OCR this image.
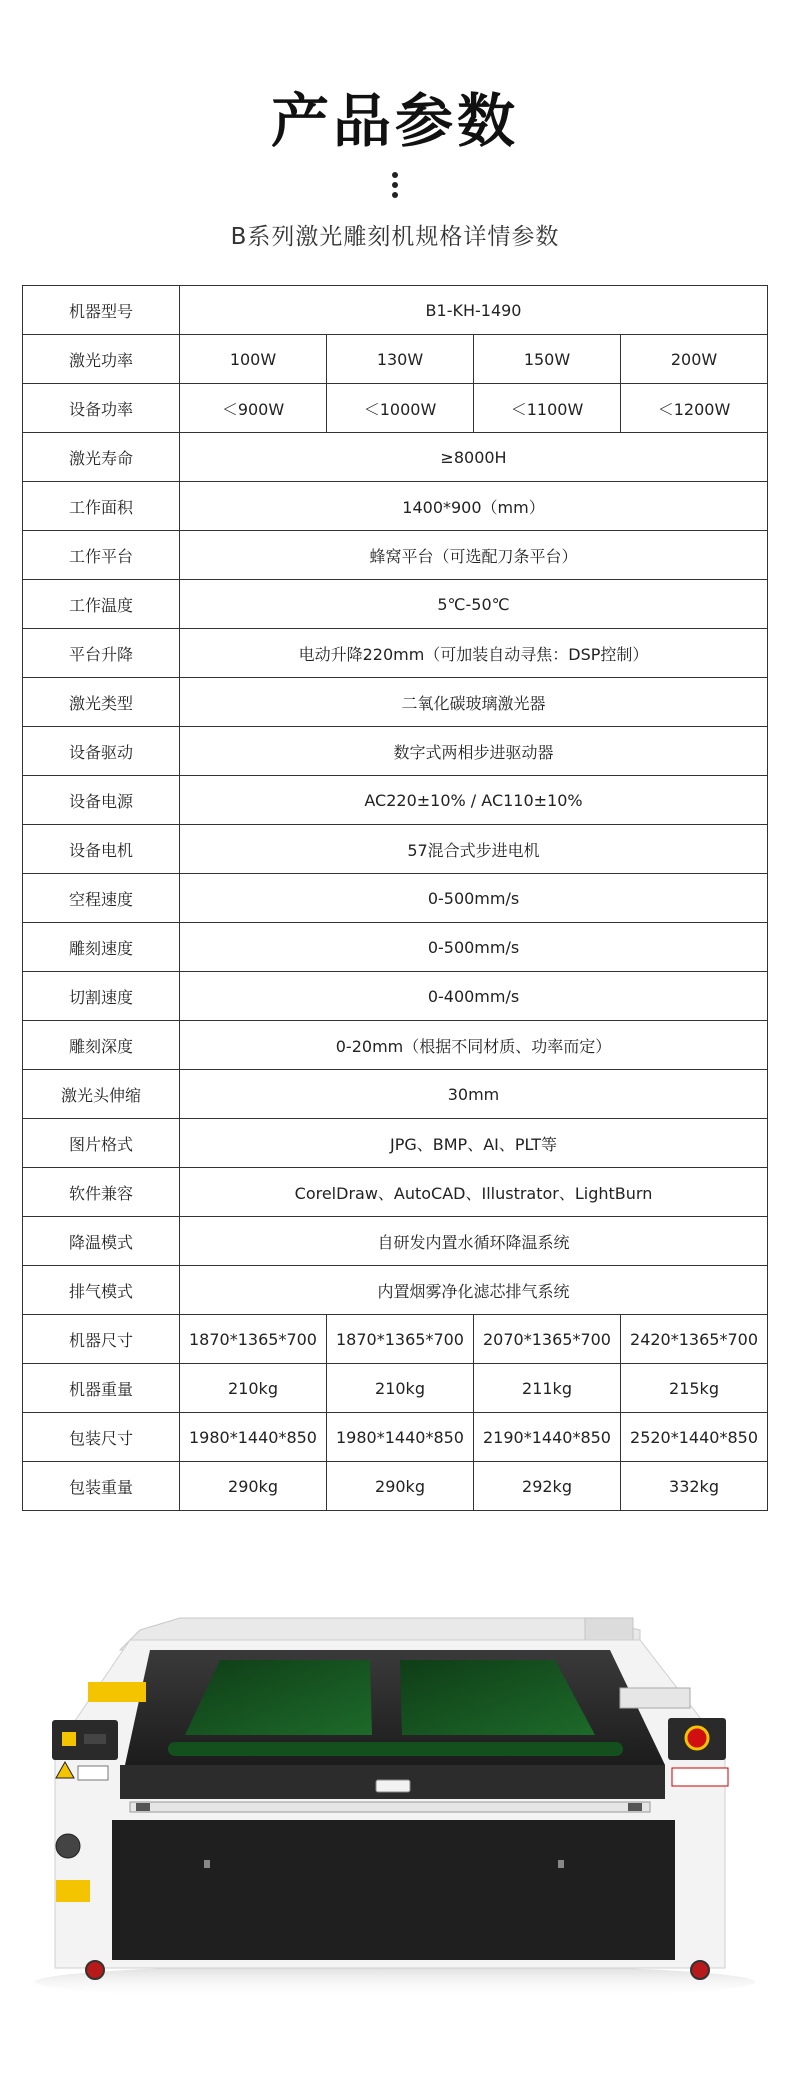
产品参数
B系列激光雕刻机规格详情参数
机器型号	B1-KH-1490			
激光功率	100W	130W	150W	200W
设备功率	＜900W	＜1000W	＜1100W	＜1200W
激光寿命	≥8000H			
工作面积	1400*900（mm）			
工作平台	蜂窝平台（可选配刀条平台）			
工作温度	5℃-50℃			
平台升降	电动升降220mm（可加装自动寻焦：DSP控制）			
激光类型	二氧化碳玻璃激光器			
设备驱动	数字式两相步进驱动器			
设备电源	AC220±10% / AC110±10%			
设备电机	57混合式步进电机			
空程速度	0-500mm/s			
雕刻速度	0-500mm/s			
切割速度	0-400mm/s			
雕刻深度	0-20mm（根据不同材质、功率而定）			
激光头伸缩	30mm			
图片格式	JPG、BMP、AI、PLT等			
软件兼容	CorelDraw、AutoCAD、Illustrator、LightBurn			
降温模式	自研发内置水循环降温系统			
排气模式	内置烟雾净化滤芯排气系统			
机器尺寸	1870*1365*700	1870*1365*700	2070*1365*700	2420*1365*700
机器重量	210kg	210kg	211kg	215kg
包装尺寸	1980*1440*850	1980*1440*850	2190*1440*850	2520*1440*850
包装重量	290kg	290kg	292kg	332kg
